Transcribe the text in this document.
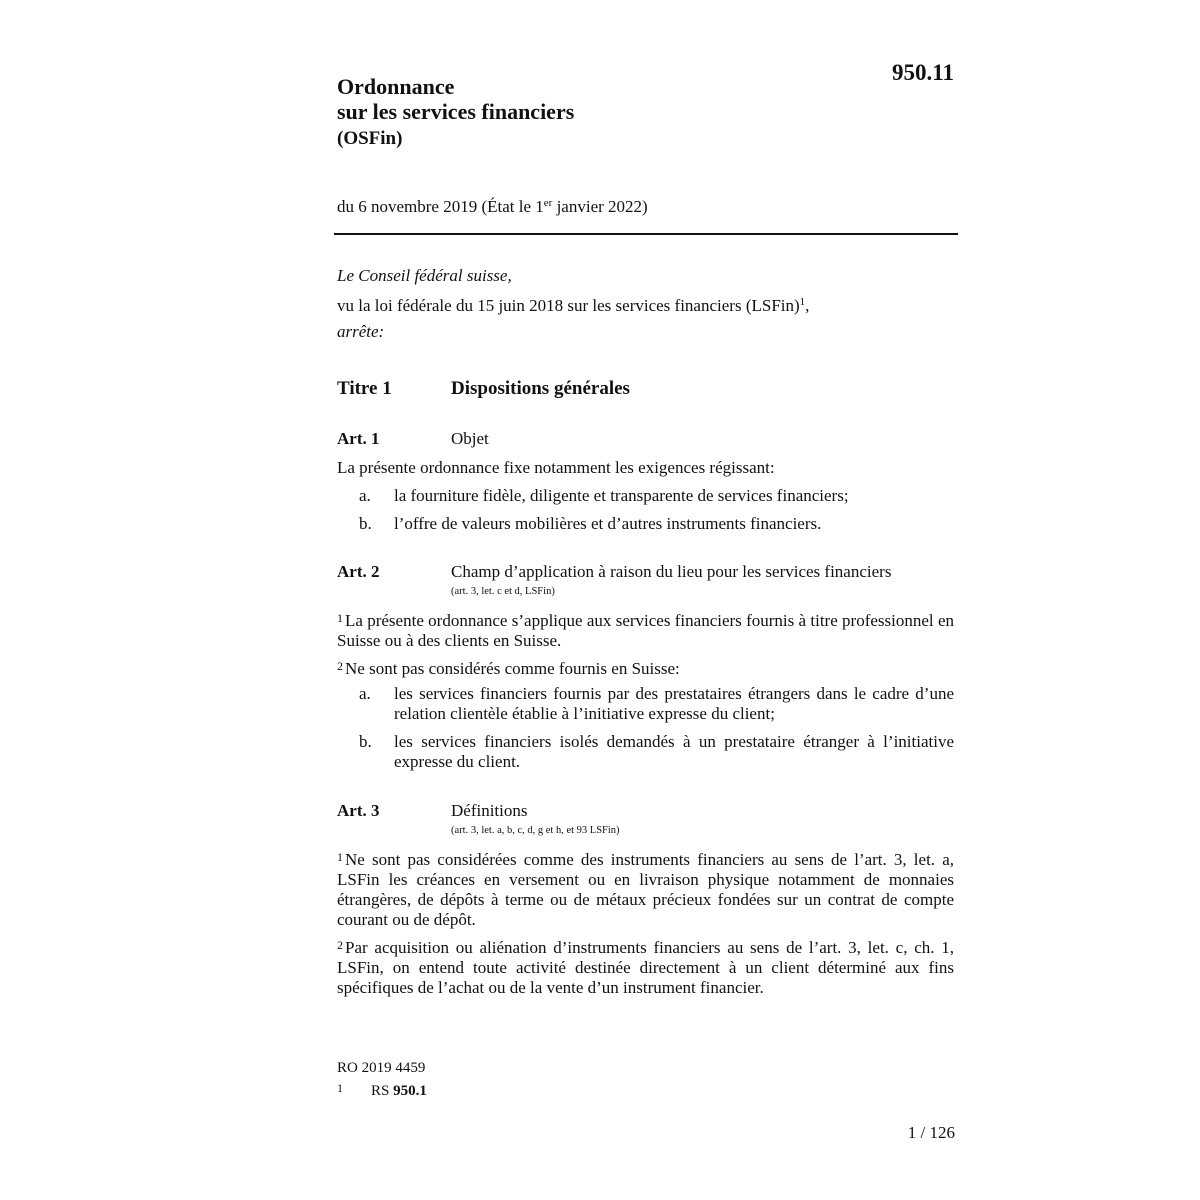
950.11
Ordonnance
sur les services financiers
(OSFin)
du 6 novembre 2019 (État le 1er janvier 2022)
Le Conseil fédéral suisse,
vu la loi fédérale du 15 juin 2018 sur les services financiers (LSFin)$^1$,
arrête:
Titre 1	Dispositions générales
Art. 1	Objet
La présente ordonnance fixe notamment les exigences régissant:
a. la fourniture fidèle, diligente et transparente de services financiers;
b. l’offre de valeurs mobilières et d’autres instruments financiers.
Art. 2	Champ d’application à raison du lieu pour les services financiers
(art. 3, let. c et d, LSFin)
$^1$ La présente ordonnance s’applique aux services financiers fournis à titre professionnel en Suisse ou à des clients en Suisse.
$^2$ Ne sont pas considérés comme fournis en Suisse:
a. les services financiers fournis par des prestataires étrangers dans le cadre d’une relation clientèle établie à l’initiative expresse du client;
b. les services financiers isolés demandés à un prestataire étranger à l’initiative expresse du client.
Art. 3	Définitions
(art. 3, let. a, b, c, d, g et h, et 93 LSFin)
$^1$ Ne sont pas considérées comme des instruments financiers au sens de l’art. 3, let. a, LSFin les créances en versement ou en livraison physique notamment de monnaies étrangères, de dépôts à terme ou de métaux précieux fondées sur un contrat de compte courant ou de dépôt.
$^2$ Par acquisition ou aliénation d’instruments financiers au sens de l’art. 3, let. c, ch. 1, LSFin, on entend toute activité destinée directement à un client déterminé aux fins spécifiques de l’achat ou de la vente d’un instrument financier.
RO 2019 4459
1 RS 950.1
1 / 126
